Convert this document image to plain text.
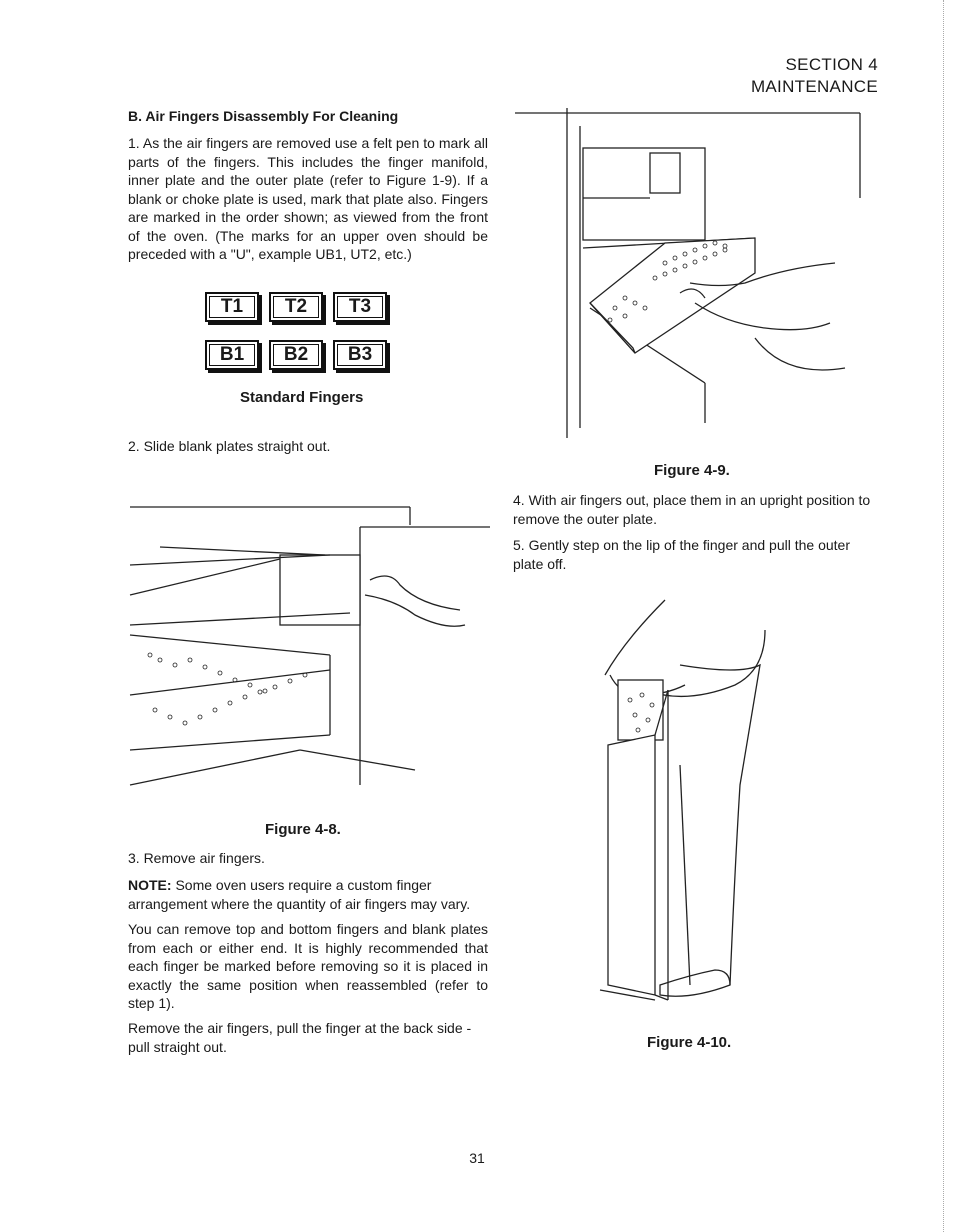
SECTION 4
MAINTENANCE
B. Air Fingers Disassembly For Cleaning

1. As the air fingers are removed use a felt pen to mark all parts of the fingers. This includes the finger manifold, inner plate and the outer plate (refer to Figure 1-9). If a blank or choke plate is used, mark that plate also. Fingers are marked in the order shown; as viewed from the front of the oven. (The marks for an upper oven should be preceded with a "U", example UB1, UT2, etc.)

T1	T2	T3
B1	B2	B3
Standard Fingers

2. Slide blank plates straight out.

Figure 4-8.

3. Remove air fingers.

NOTE: Some oven users require a custom finger arrangement where the quantity of air fingers may vary.

You can remove top and bottom fingers and blank plates from each or either end. It is highly recommended that each finger be marked before removing so it is placed in exactly the same position when reassembled (refer to step 1).

Remove the air fingers, pull the finger at the back side - pull straight out.

Figure 4-9.

4. With air fingers out, place them in an upright position to remove the outer plate.

5. Gently step on the lip of the finger and pull the outer plate off.

Figure 4-10.
31
